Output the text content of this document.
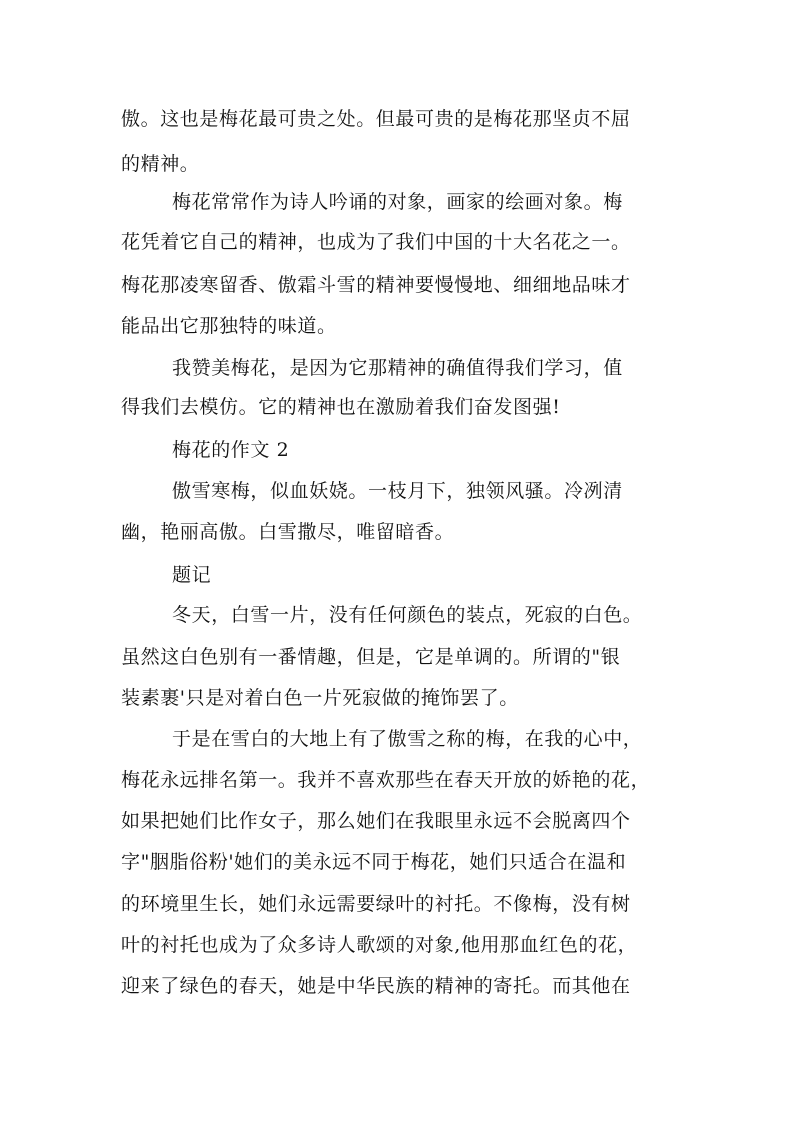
傲。这也是梅花最可贵之处。但最可贵的是梅花那坚贞不屈
的精神。
梅花常常作为诗人吟诵的对象，画家的绘画对象。梅
花凭着它自己的精神，也成为了我们中国的十大名花之一。
梅花那凌寒留香、傲霜斗雪的精神要慢慢地、细细地品味才
能品出它那独特的味道。
我赞美梅花，是因为它那精神的确值得我们学习，值
得我们去模仿。它的精神也在激励着我们奋发图强!
梅花的作文 2
傲雪寒梅，似血妖娆。一枝月下，独领风骚。冷冽清
幽，艳丽高傲。白雪撒尽，唯留暗香。
题记
冬天，白雪一片，没有任何颜色的装点，死寂的白色。
虽然这白色别有一番情趣，但是，它是单调的。所谓的"银
装素裹'只是对着白色一片死寂做的掩饰罢了。
于是在雪白的大地上有了傲雪之称的梅，在我的心中，
梅花永远排名第一。我并不喜欢那些在春天开放的娇艳的花，
如果把她们比作女子，那么她们在我眼里永远不会脱离四个
字"胭脂俗粉'她们的美永远不同于梅花，她们只适合在温和
的环境里生长，她们永远需要绿叶的衬托。不像梅，没有树
叶的衬托也成为了众多诗人歌颂的对象,他用那血红色的花，
迎来了绿色的春天，她是中华民族的精神的寄托。而其他在
